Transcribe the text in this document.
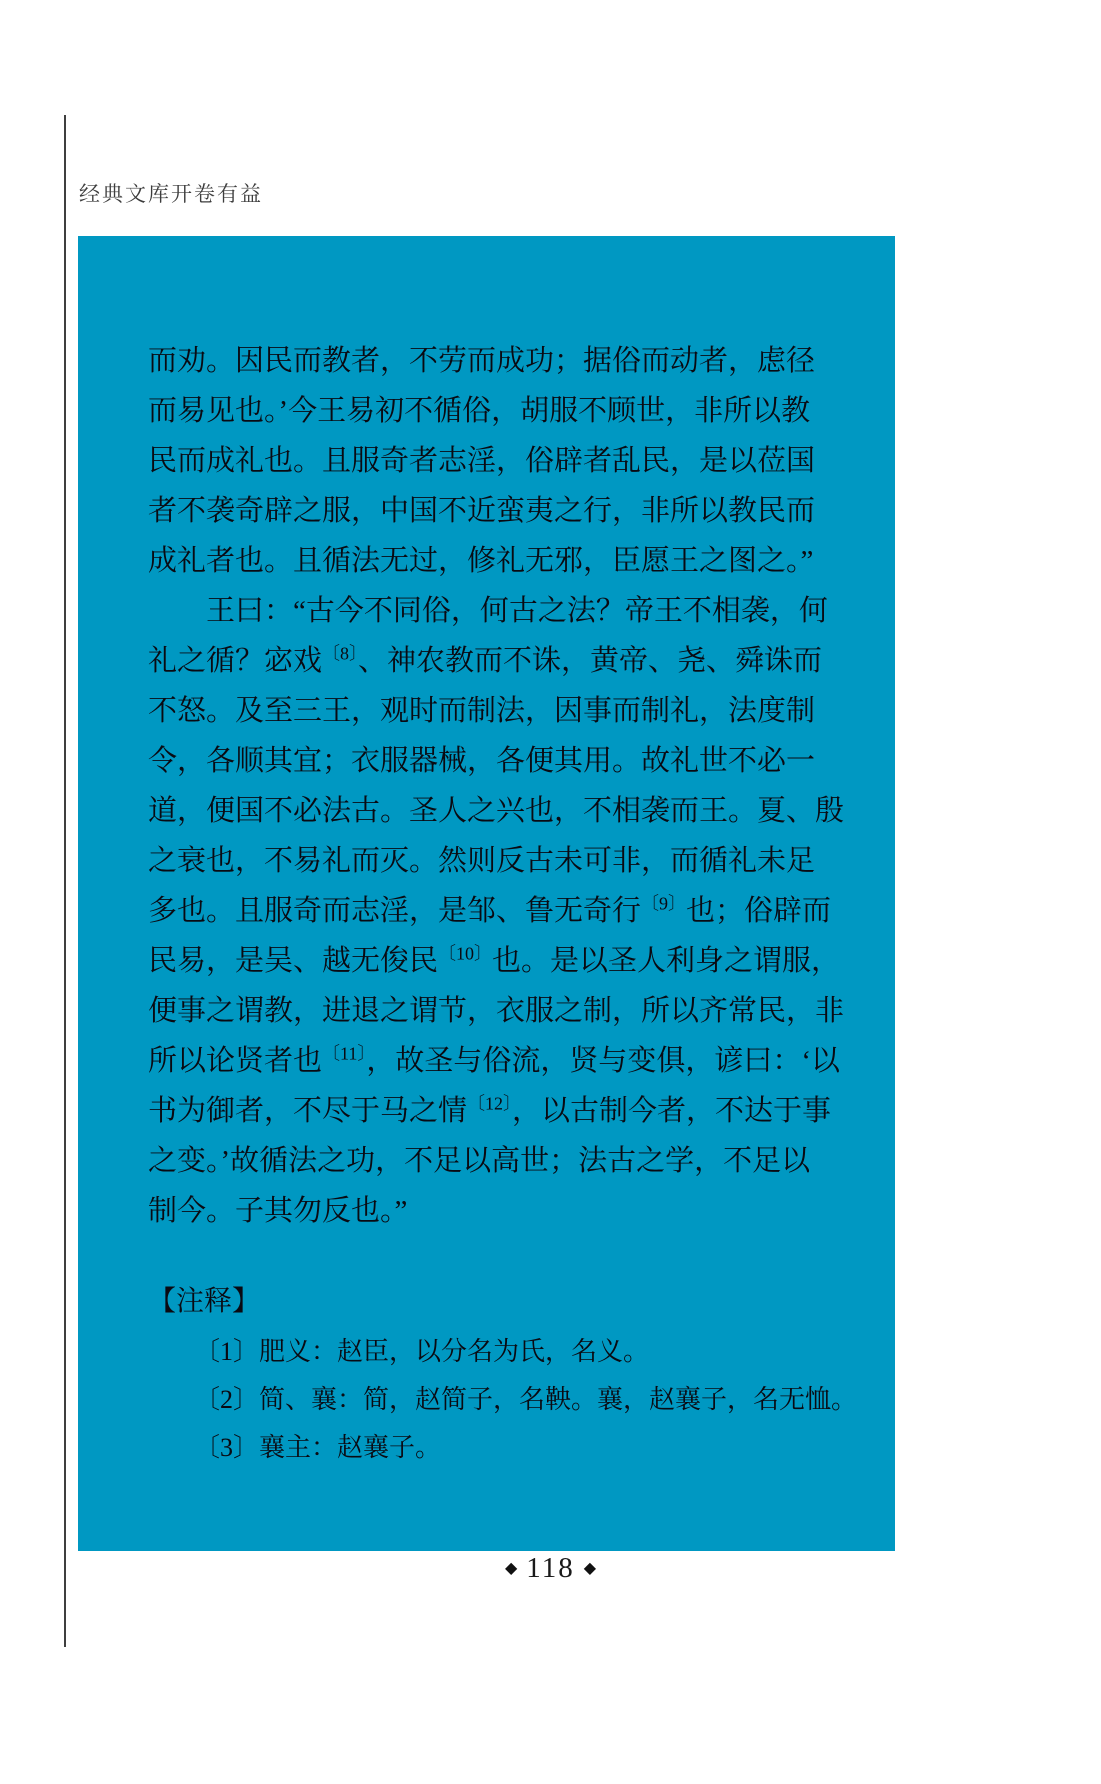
经典文库开卷有益
而劝。因民而教者，不劳而成功；据俗而动者，虑径
而易见也。’今王易初不循俗，胡服不顾世，非所以教
民而成礼也。且服奇者志淫，俗辟者乱民，是以莅国
者不袭奇辟之服，中国不近蛮夷之行，非所以教民而
成礼者也。且循法无过，修礼无邪，臣愿王之图之。”
王曰：“古今不同俗，何古之法？帝王不相袭，何
礼之循？宓戏$^{〔8〕}$、神农教而不诛，黄帝、尧、舜诛而
不怒。及至三王，观时而制法，因事而制礼，法度制
令，各顺其宜；衣服器械，各便其用。故礼世不必一
道，便国不必法古。圣人之兴也，不相袭而王。夏、殷
之衰也，不易礼而灭。然则反古未可非，而循礼未足
多也。且服奇而志淫，是邹、鲁无奇行$^{〔9〕}$也；俗辟而
民易，是吴、越无俊民$^{〔10〕}$也。是以圣人利身之谓服，
便事之谓教，进退之谓节，衣服之制，所以齐常民，非
所以论贤者也$^{〔11〕}$，故圣与俗流，贤与变俱，谚曰：‘以
书为御者，不尽于马之情$^{〔12〕}$，以古制今者，不达于事
之变。’故循法之功，不足以高世；法古之学，不足以
制今。子其勿反也。”
【注释】
〔1〕肥义：赵臣，以分名为氏，名义。
〔2〕简、襄：简，赵简子，名鞅。襄，赵襄子，名无恤。
〔3〕襄主：赵襄子。
◆ 118 ◆
